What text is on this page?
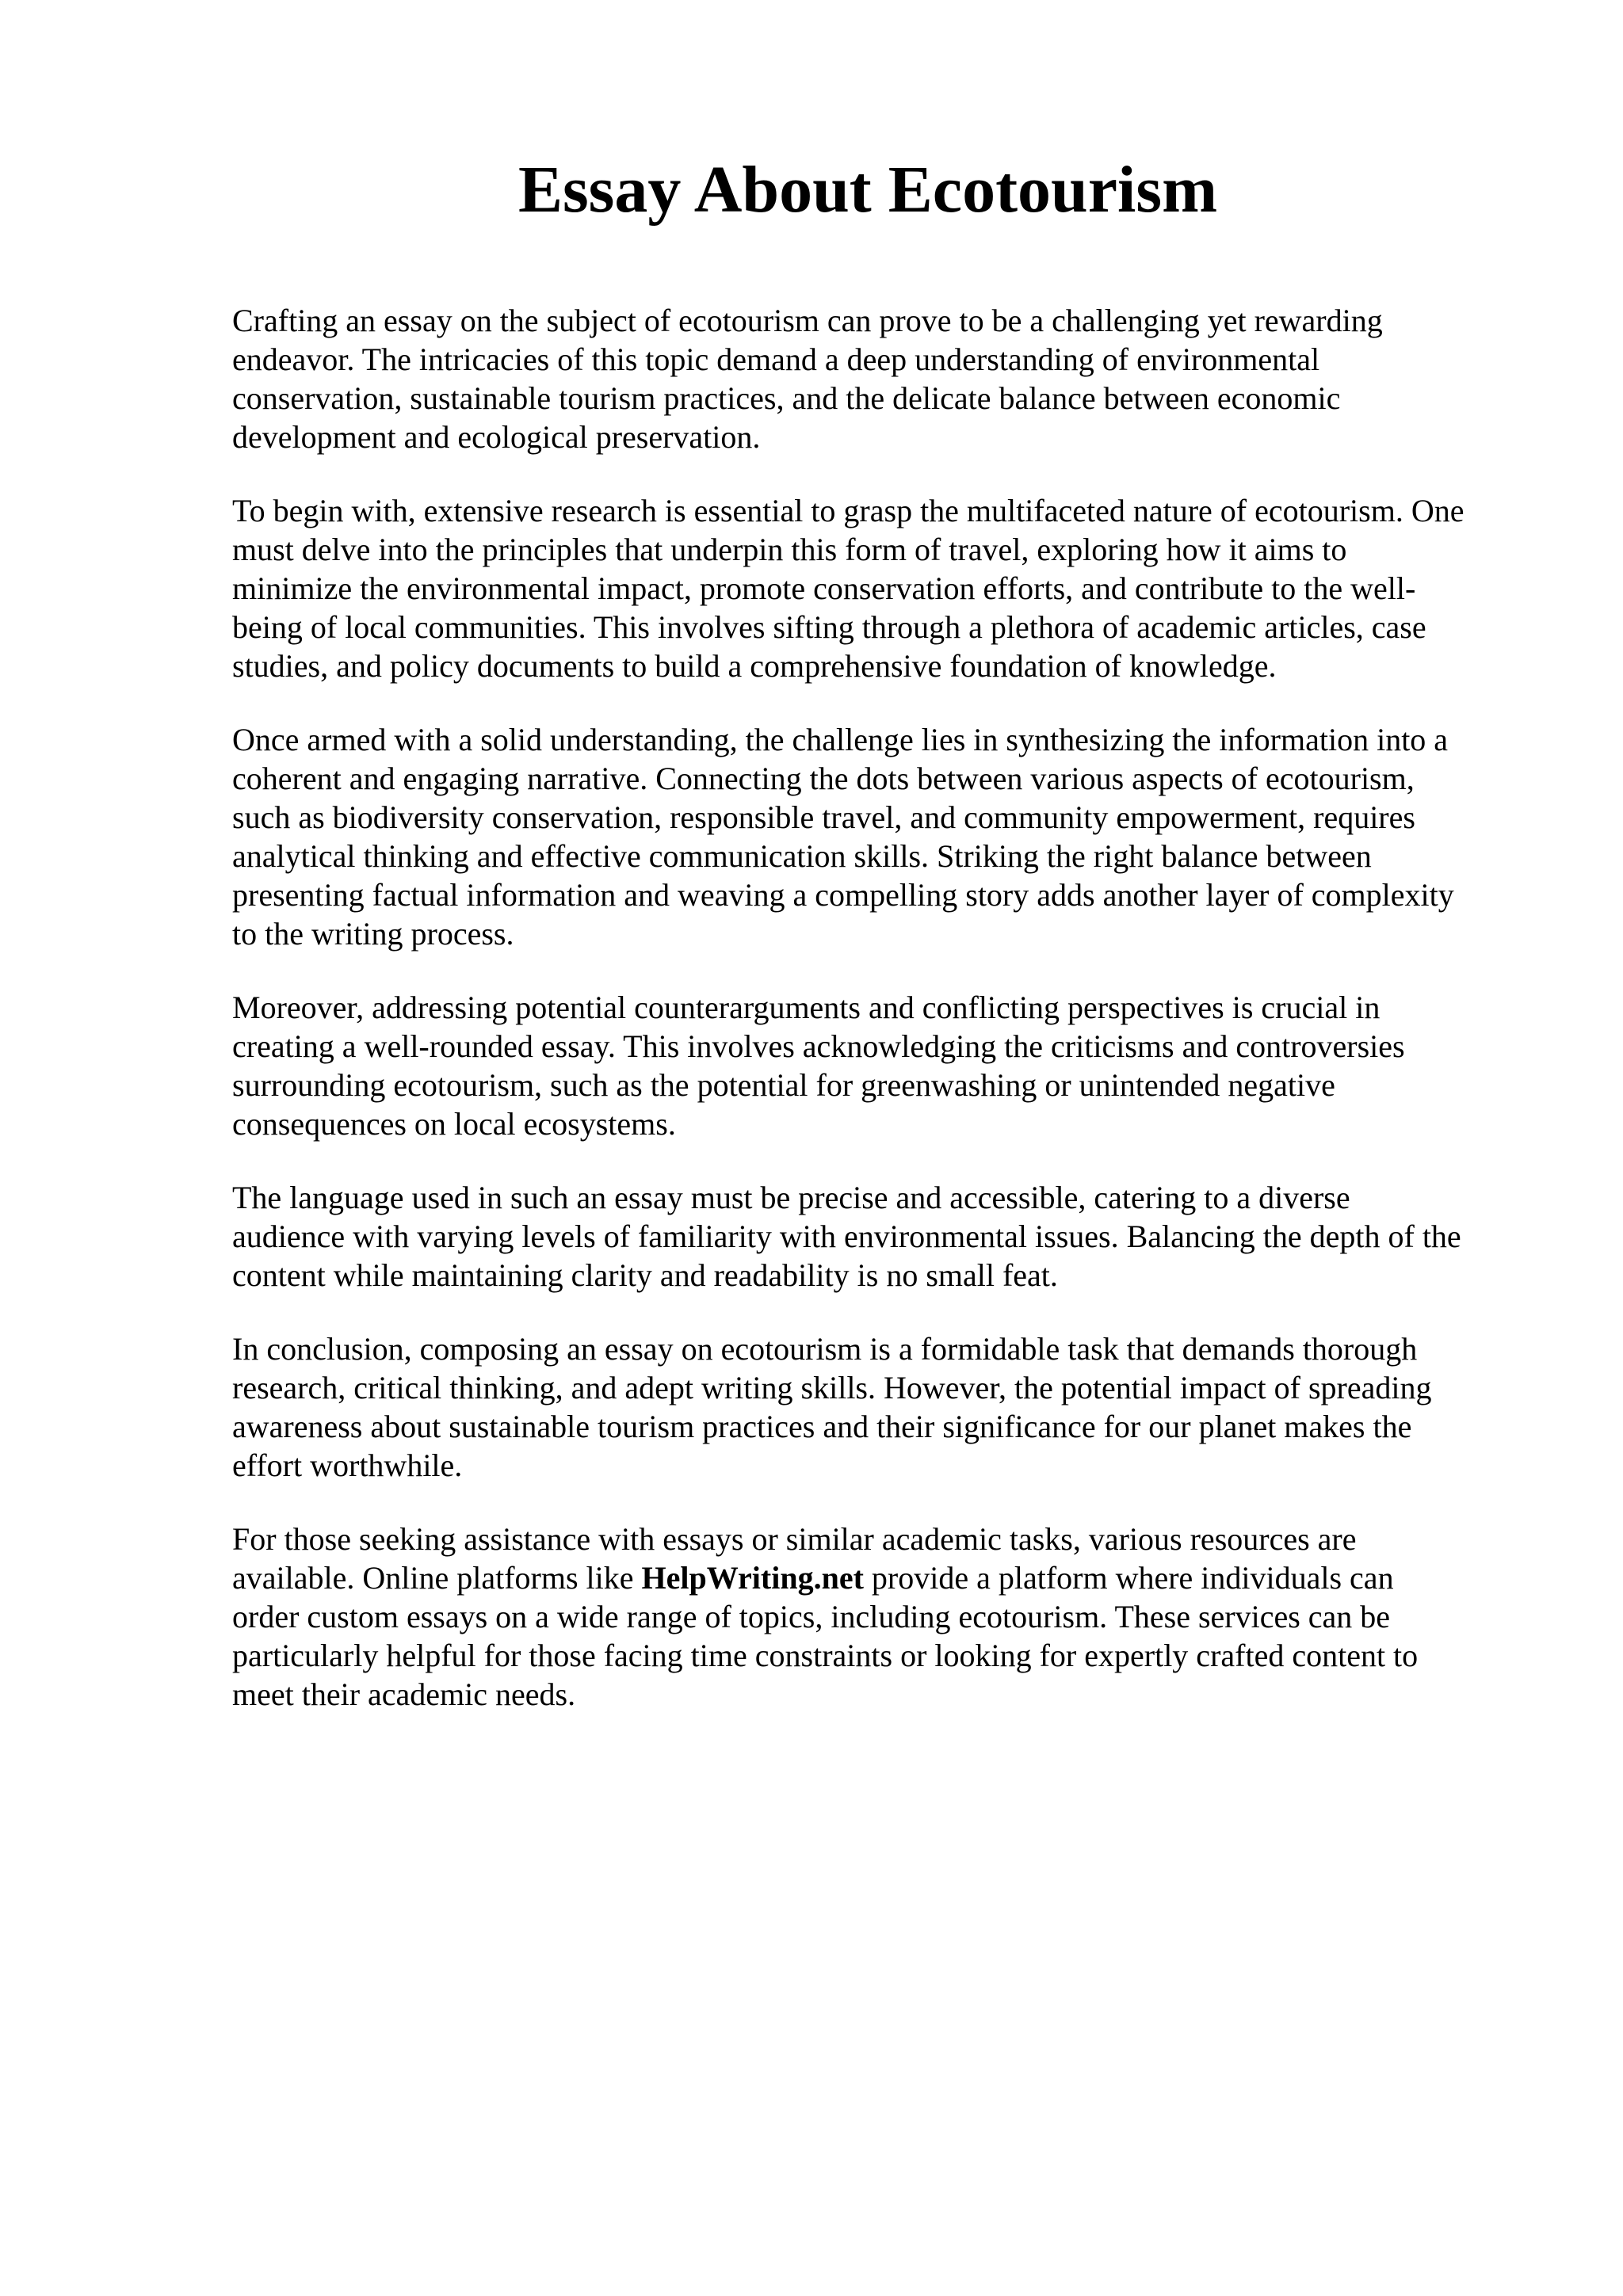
Essay About Ecotourism

Crafting an essay on the subject of ecotourism can prove to be a challenging yet rewarding
endeavor. The intricacies of this topic demand a deep understanding of environmental
conservation, sustainable tourism practices, and the delicate balance between economic
development and ecological preservation.

To begin with, extensive research is essential to grasp the multifaceted nature of ecotourism. One
must delve into the principles that underpin this form of travel, exploring how it aims to
minimize the environmental impact, promote conservation efforts, and contribute to the well-
being of local communities. This involves sifting through a plethora of academic articles, case
studies, and policy documents to build a comprehensive foundation of knowledge.

Once armed with a solid understanding, the challenge lies in synthesizing the information into a
coherent and engaging narrative. Connecting the dots between various aspects of ecotourism,
such as biodiversity conservation, responsible travel, and community empowerment, requires
analytical thinking and effective communication skills. Striking the right balance between
presenting factual information and weaving a compelling story adds another layer of complexity
to the writing process.

Moreover, addressing potential counterarguments and conflicting perspectives is crucial in
creating a well-rounded essay. This involves acknowledging the criticisms and controversies
surrounding ecotourism, such as the potential for greenwashing or unintended negative
consequences on local ecosystems.

The language used in such an essay must be precise and accessible, catering to a diverse
audience with varying levels of familiarity with environmental issues. Balancing the depth of the
content while maintaining clarity and readability is no small feat.

In conclusion, composing an essay on ecotourism is a formidable task that demands thorough
research, critical thinking, and adept writing skills. However, the potential impact of spreading
awareness about sustainable tourism practices and their significance for our planet makes the
effort worthwhile.

For those seeking assistance with essays or similar academic tasks, various resources are
available. Online platforms like HelpWriting.net provide a platform where individuals can
order custom essays on a wide range of topics, including ecotourism. These services can be
particularly helpful for those facing time constraints or looking for expertly crafted content to
meet their academic needs.
